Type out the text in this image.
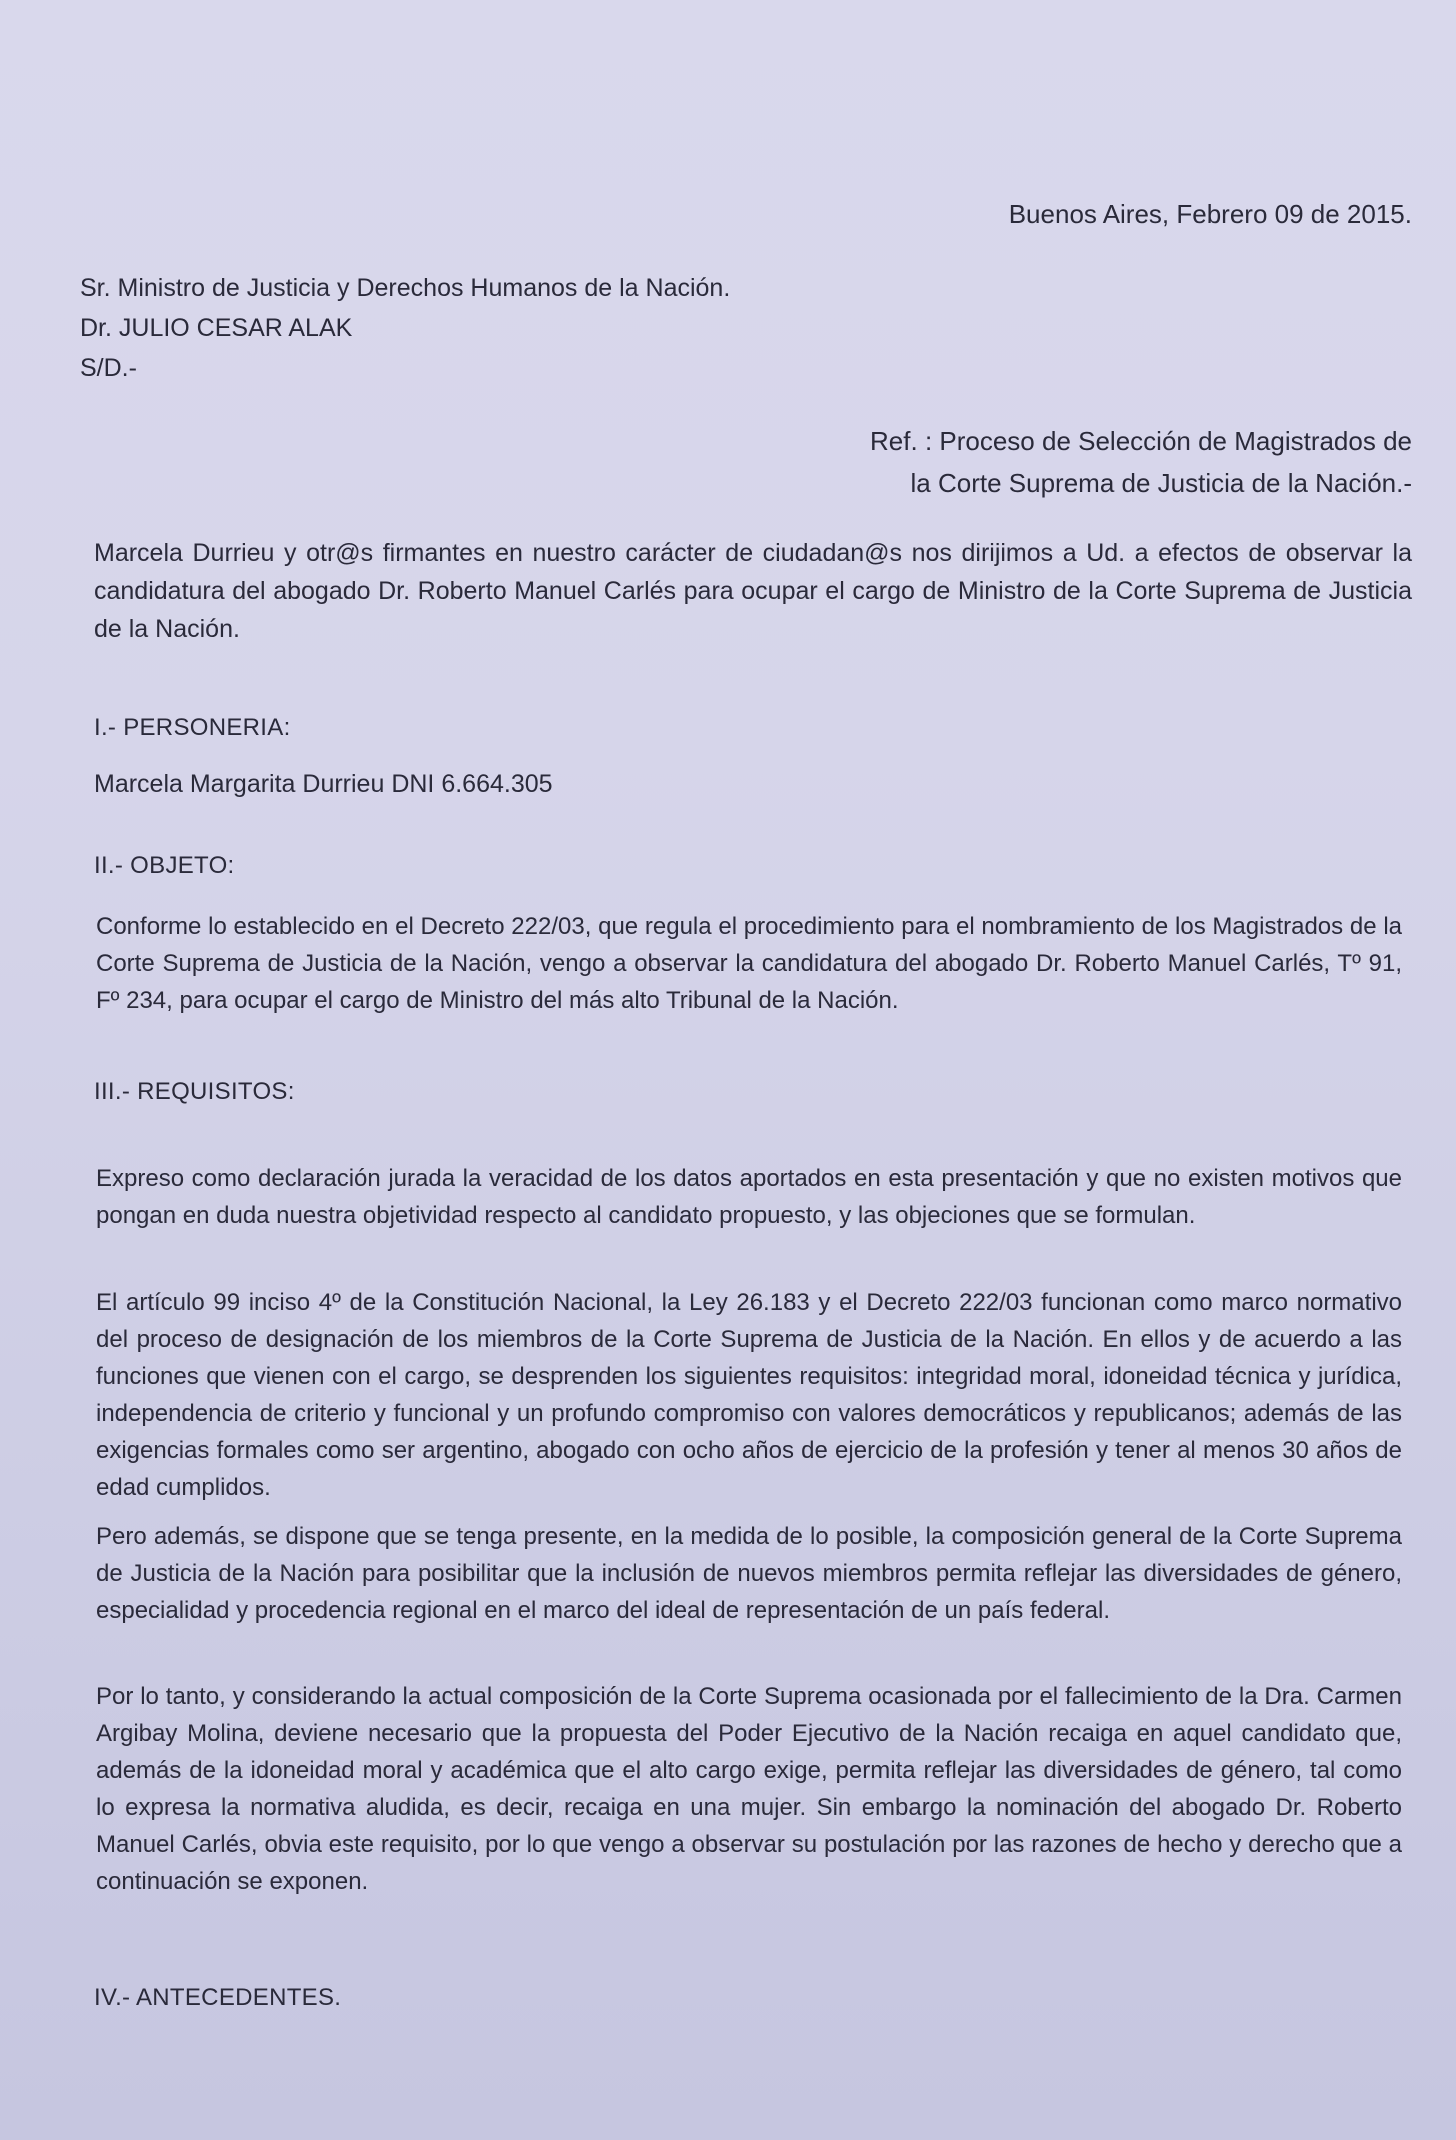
Buenos Aires, Febrero 09 de 2015.
Sr. Ministro de Justicia y Derechos Humanos de la Nación.
Dr. JULIO CESAR ALAK
S/D.-
Ref. : Proceso de Selección de Magistrados de
la Corte Suprema de Justicia de la Nación.-
Marcela Durrieu y otr@s firmantes en nuestro carácter de ciudadan@s nos dirijimos a Ud. a efectos de observar la candidatura del abogado Dr. Roberto Manuel Carlés para ocupar el cargo de Ministro de la Corte Suprema de Justicia de la Nación.
I.- PERSONERIA:
Marcela Margarita Durrieu DNI 6.664.305
II.- OBJETO:
Conforme lo establecido en el Decreto 222/03, que regula el procedimiento para el nombramiento de los Magistrados de la Corte Suprema de Justicia de la Nación, vengo a observar la candidatura del abogado Dr. Roberto Manuel Carlés, Tº 91, Fº 234, para ocupar el cargo de Ministro del más alto Tribunal de la Nación.
III.- REQUISITOS:
Expreso como declaración jurada la veracidad de los datos aportados en esta presentación y que no existen motivos que pongan en duda nuestra objetividad respecto al candidato propuesto, y las objeciones que se formulan.
El artículo 99 inciso 4º de la Constitución Nacional, la Ley 26.183 y el Decreto 222/03 funcionan como marco normativo del proceso de designación de los miembros de la Corte Suprema de Justicia de la Nación. En ellos y de acuerdo a las funciones que vienen con el cargo, se desprenden los siguientes requisitos: integridad moral, idoneidad técnica y jurídica, independencia de criterio y funcional y un profundo compromiso con valores democráticos y republicanos; además de las exigencias formales como ser argentino, abogado con ocho años de ejercicio de la profesión y tener al menos 30 años de edad cumplidos.
Pero además, se dispone que se tenga presente, en la medida de lo posible, la composición general de la Corte Suprema de Justicia de la Nación para posibilitar que la inclusión de nuevos miembros permita reflejar las diversidades de género, especialidad y procedencia regional en el marco del ideal de representación de un país federal.
Por lo tanto, y considerando la actual composición de la Corte Suprema ocasionada por el fallecimiento de la Dra. Carmen Argibay Molina, deviene necesario que la propuesta del Poder Ejecutivo de la Nación recaiga en aquel candidato que, además de la idoneidad moral y académica que el alto cargo exige, permita reflejar las diversidades de género, tal como lo expresa la normativa aludida, es decir, recaiga en una mujer. Sin embargo la nominación del abogado Dr. Roberto Manuel Carlés, obvia este requisito, por lo que vengo a observar su postulación por las razones de hecho y derecho que a continuación se exponen.
IV.- ANTECEDENTES.
